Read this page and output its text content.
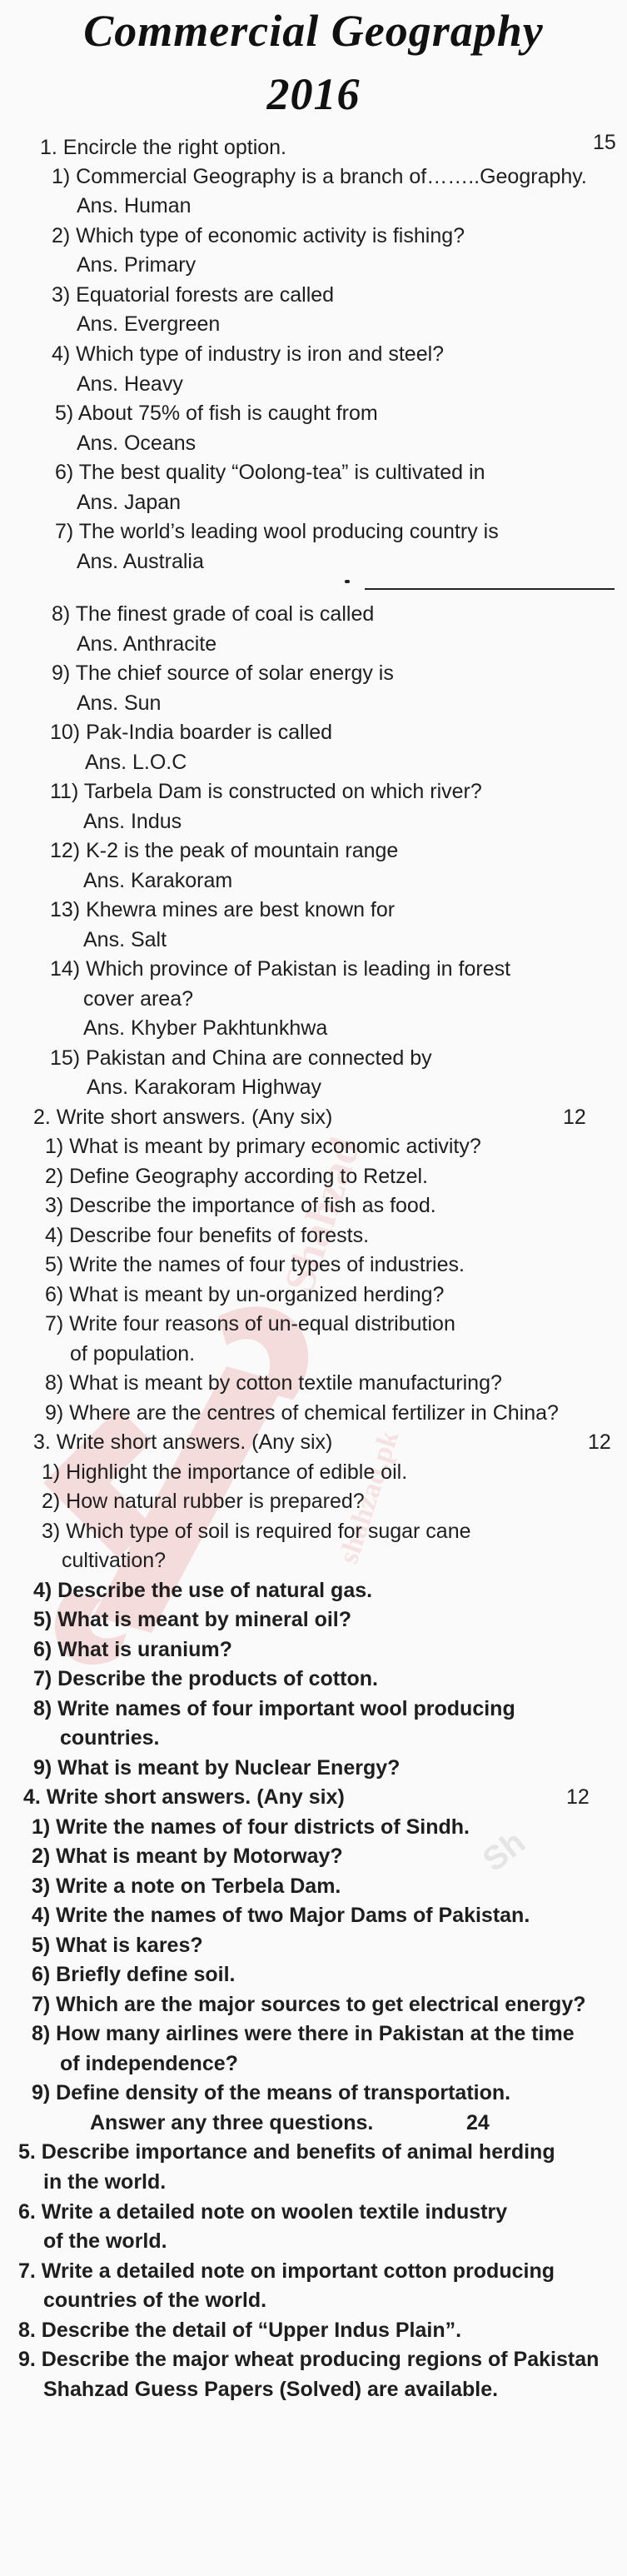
Shahzad
shahzad.pk
Sh
Commercial Geography
2016
1. Encircle the right option.	15
1) Commercial Geography is a branch of……..Geography.
Ans. Human
2) Which type of economic activity is fishing?
Ans. Primary
3) Equatorial forests are called
Ans. Evergreen
4) Which type of industry is iron and steel?
Ans. Heavy
5) About 75% of fish is caught from
Ans. Oceans
6) The best quality “Oolong-tea” is cultivated in
Ans. Japan
7) The world’s leading wool producing country is
Ans. Australia
8) The finest grade of coal is called
Ans. Anthracite
9) The chief source of solar energy is
Ans. Sun
10) Pak-India boarder is called
Ans. L.O.C
11) Tarbela Dam is constructed on which river?
Ans. Indus
12) K-2 is the peak of mountain range
Ans. Karakoram
13) Khewra mines are best known for
Ans. Salt
14) Which province of Pakistan is leading in forest
cover area?
Ans. Khyber Pakhtunkhwa
15) Pakistan and China are connected by
Ans. Karakoram Highway
2. Write short answers. (Any six)	12
1) What is meant by primary economic activity?
2) Define Geography according to Retzel.
3) Describe the importance of fish as food.
4) Describe four benefits of forests.
5) Write the names of four types of industries.
6) What is meant by un-organized herding?
7) Write four reasons of un-equal distribution
of population.
8) What is meant by cotton textile manufacturing?
9) Where are the centres of chemical fertilizer in China?
3. Write short answers. (Any six)	12
1) Highlight the importance of edible oil.
2) How natural rubber is prepared?
3) Which type of soil is required for sugar cane
cultivation?
4) Describe the use of natural gas.
5) What is meant by mineral oil?
6) What is uranium?
7) Describe the products of cotton.
8) Write names of four important wool producing
countries.
9) What is meant by Nuclear Energy?
4. Write short answers. (Any six)	12
1) Write the names of four districts of Sindh.
2) What is meant by Motorway?
3) Write a note on Terbela Dam.
4) Write the names of two Major Dams of Pakistan.
5) What is kares?
6) Briefly define soil.
7) Which are the major sources to get electrical energy?
8) How many airlines were there in Pakistan at the time
of independence?
9) Define density of the means of transportation.
Answer any three questions.	24
5. Describe importance and benefits of animal herding
in the world.
6. Write a detailed note on woolen textile industry
of the world.
7. Write a detailed note on important cotton producing
countries of the world.
8. Describe the detail of “Upper Indus Plain”.
9. Describe the major wheat producing regions of Pakistan
Shahzad Guess Papers (Solved) are available.
